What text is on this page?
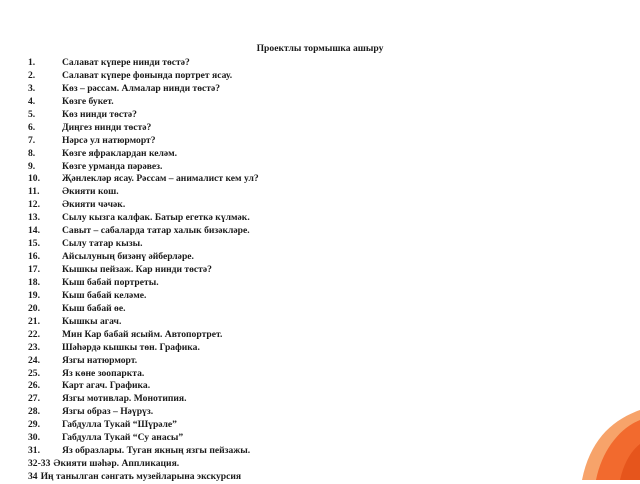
Проектлы тормышка ашыру

1.	Салават күпере нинди төстә?
2.	Салават күпере фонында портрет ясау.
3.	Көз – рәссам. Алмалар нинди төстә?
4.	Көзге букет.
5.	Көз нинди төстә?
6.	Диңгез нинди төстә?
7.	Нәрсә ул натюрморт?
8.	Көзге яфраклардан келәм.
9.	Көзге урманда пәрәвез.
10. Җәнлекләр ясау. Рәссам – анималист кем ул?
11. Әкияти кош.
12. Әкияти чәчәк.
13. Сылу кызга калфак. Батыр егеткә күлмәк.
14. Савыт – сабаларда татар халык бизәкләре.
15. Сылу татар кызы.
16. Айсылуның бизәнү әйберләре.
17. Кышкы пейзаж. Кар нинди төстә?
18. Кыш бабай портреты.
19. Кыш бабай келәме.
20. Кыш бабай өе.
21. Кышкы агач.
22. Мин Кар бабай ясыйм. Автопортрет.
23. Шәһәрдә кышкы төн. Графика.
24. Язгы натюрморт.
25. Яз көне зоопаркта.
26. Карт агач. Графика.
27. Язгы мотивлар. Монотипия.
28. Язгы образ – Нәүрүз.
29. Габдулла Тукай “Шүрәле”
30. Габдулла Тукай “Су анасы”
31. Яз образлары. Туган якның язгы пейзажы.
32-33 Әкияти шәһәр. Аппликация.
34 Иң танылган сәнгать музейларына экскурсия
